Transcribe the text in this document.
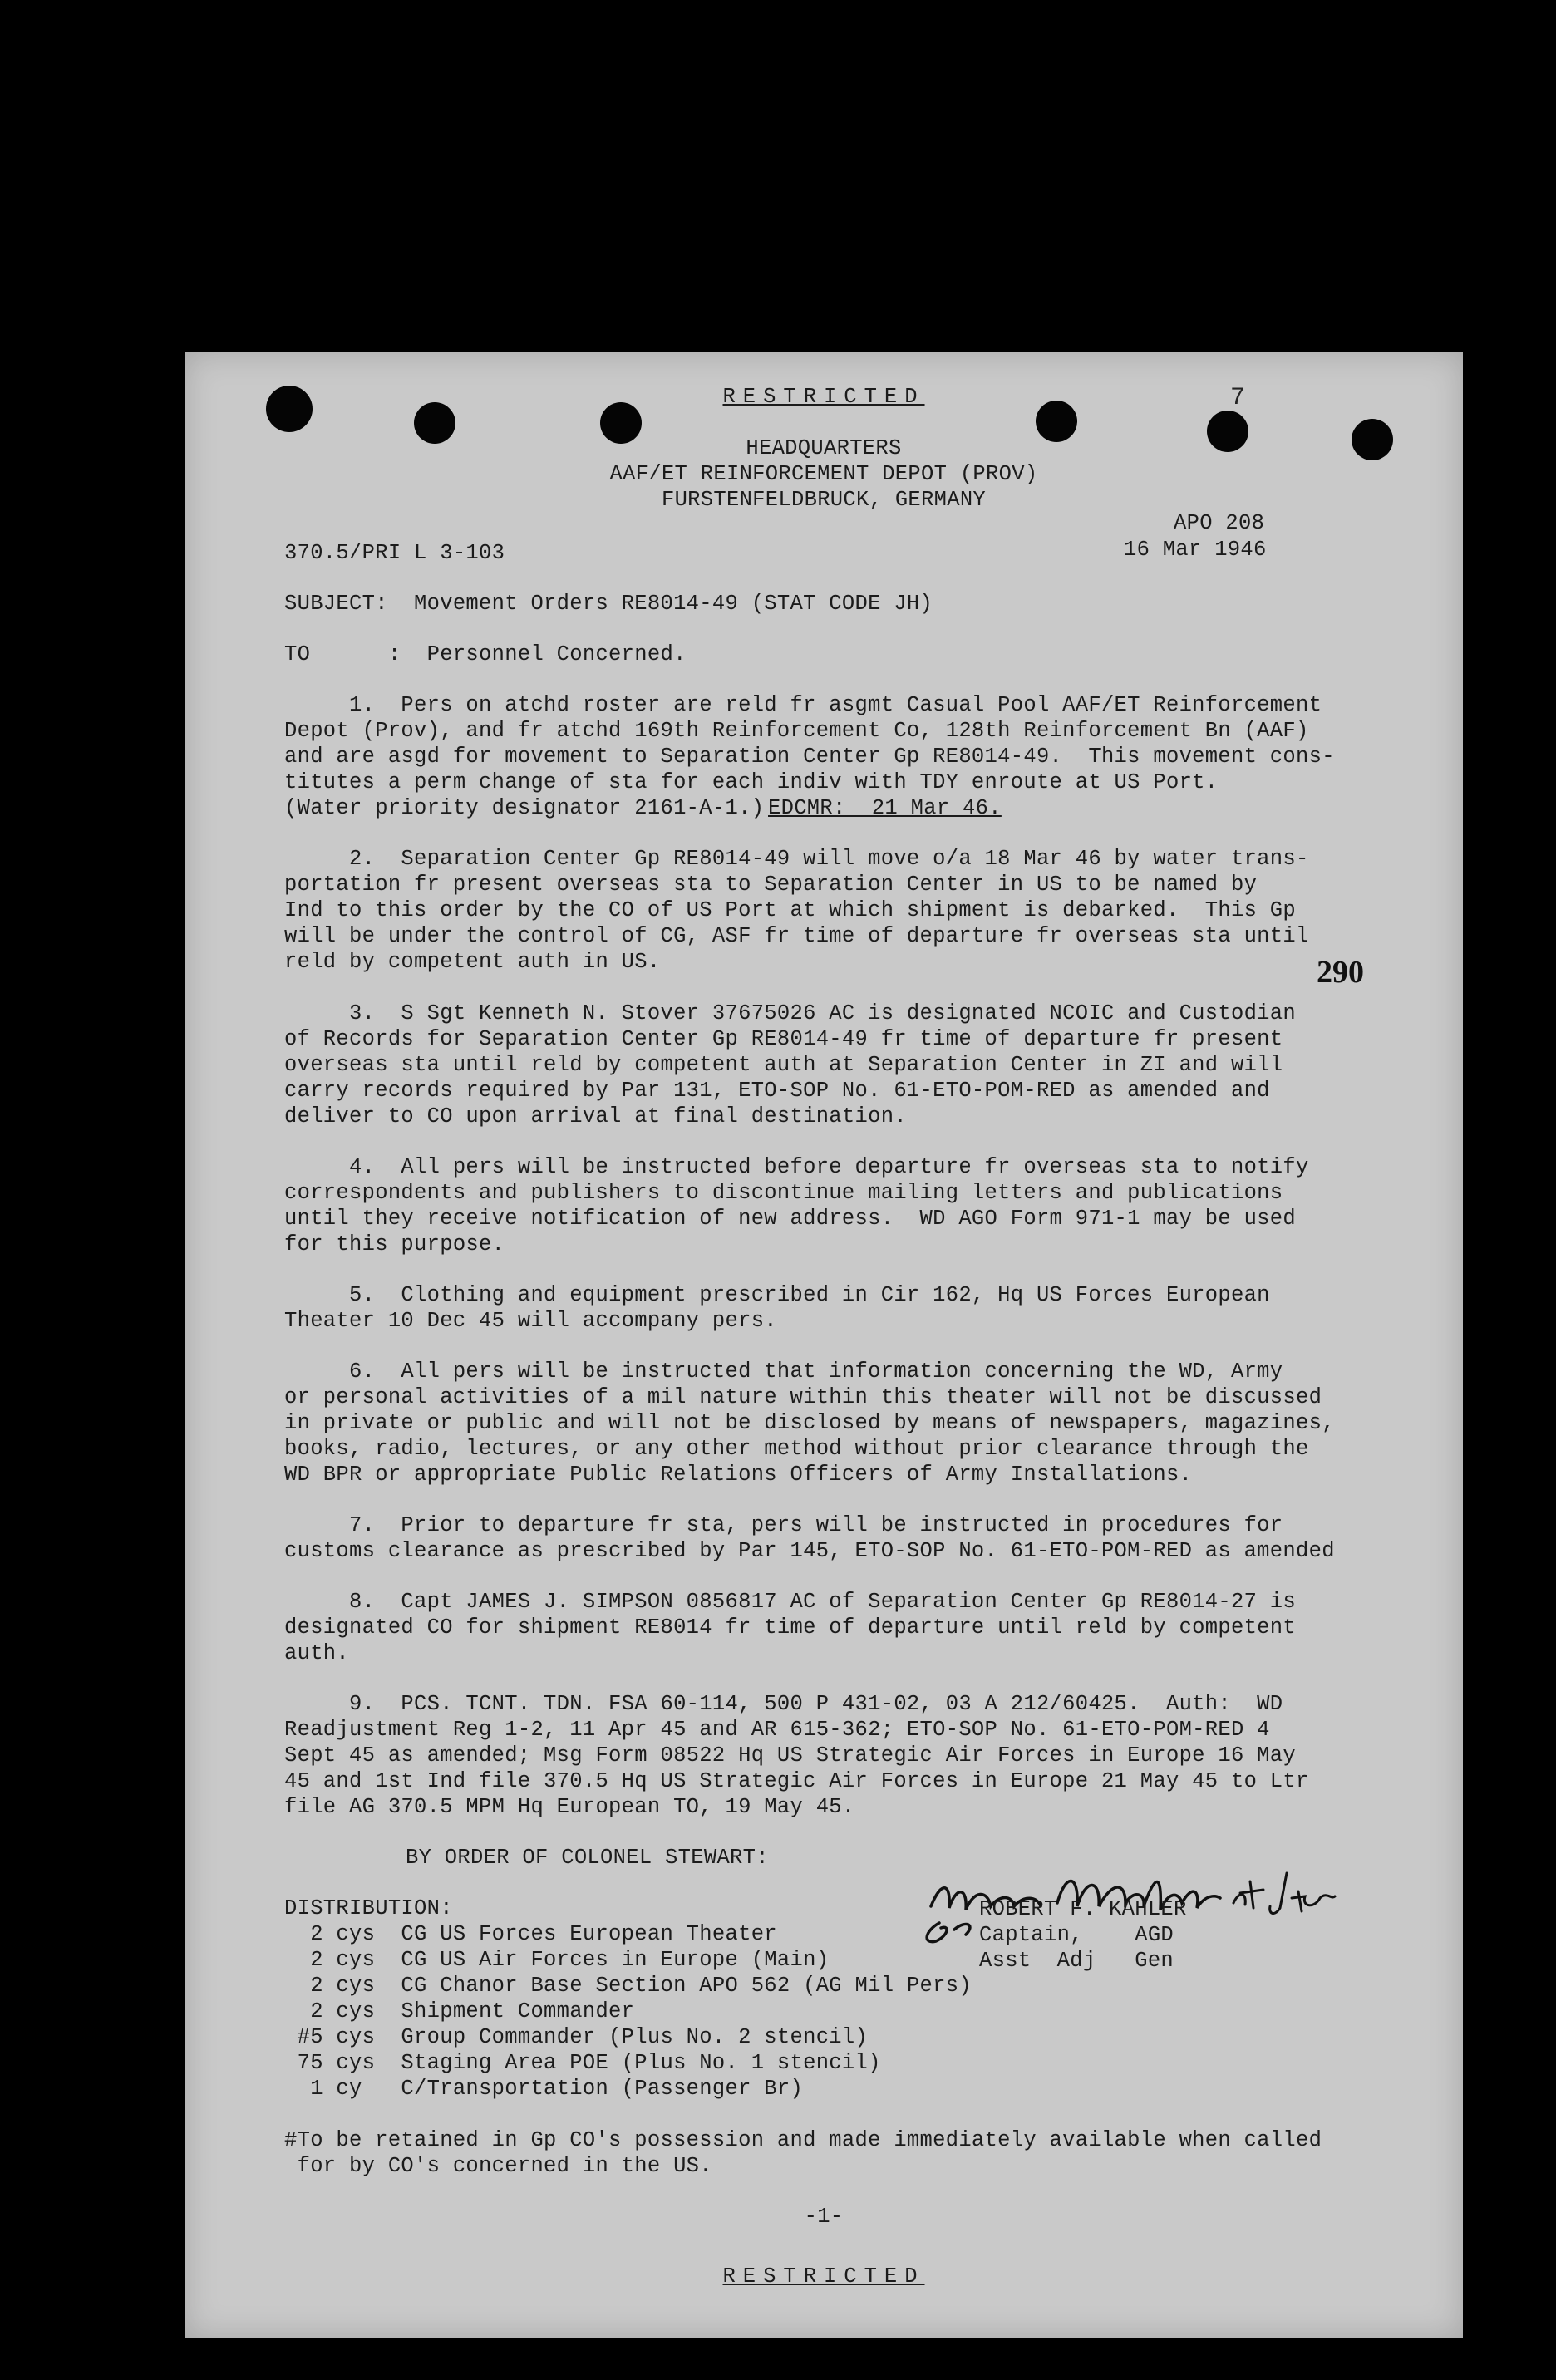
RESTRICTED	7
HEADQUARTERS
AAF/ET REINFORCEMENT DEPOT (PROV)
FURSTENFELDBRUCK, GERMANY
APO 208
370.5/PRI L 3-103	16 Mar 1946
SUBJECT:  Movement Orders RE8014-49 (STAT CODE JH)
TO      :  Personnel Concerned.
1.  Pers on atchd roster are reld fr asgmt Casual Pool AAF/ET Reinforcement
Depot (Prov), and fr atchd 169th Reinforcement Co, 128th Reinforcement Bn (AAF)
and are asgd for movement to Separation Center Gp RE8014-49.  This movement cons-
titutes a perm change of sta for each indiv with TDY enroute at US Port.
(Water priority designator 2161-A-1.)
EDCMR:  21 Mar 46.
2.  Separation Center Gp RE8014-49 will move o/a 18 Mar 46 by water trans-
portation fr present overseas sta to Separation Center in US to be named by
Ind to this order by the CO of US Port at which shipment is debarked.  This Gp
will be under the control of CG, ASF fr time of departure fr overseas sta until
reld by competent auth in US.	290
3.  S Sgt Kenneth N. Stover 37675026 AC is designated NCOIC and Custodian
of Records for Separation Center Gp RE8014-49 fr time of departure fr present
overseas sta until reld by competent auth at Separation Center in ZI and will
carry records required by Par 131, ETO-SOP No. 61-ETO-POM-RED as amended and
deliver to CO upon arrival at final destination.
4.  All pers will be instructed before departure fr overseas sta to notify
correspondents and publishers to discontinue mailing letters and publications
until they receive notification of new address.  WD AGO Form 971-1 may be used
for this purpose.
5.  Clothing and equipment prescribed in Cir 162, Hq US Forces European
Theater 10 Dec 45 will accompany pers.
6.  All pers will be instructed that information concerning the WD, Army
or personal activities of a mil nature within this theater will not be discussed
in private or public and will not be disclosed by means of newspapers, magazines,
books, radio, lectures, or any other method without prior clearance through the
WD BPR or appropriate Public Relations Officers of Army Installations.
7.  Prior to departure fr sta, pers will be instructed in procedures for
customs clearance as prescribed by Par 145, ETO-SOP No. 61-ETO-POM-RED as amended
8.  Capt JAMES J. SIMPSON 0856817 AC of Separation Center Gp RE8014-27 is
designated CO for shipment RE8014 fr time of departure until reld by competent
auth.
9.  PCS. TCNT. TDN. FSA 60-114, 500 P 431-02, 03 A 212/60425.  Auth:  WD
Readjustment Reg 1-2, 11 Apr 45 and AR 615-362; ETO-SOP No. 61-ETO-POM-RED 4
Sept 45 as amended; Msg Form 08522 Hq US Strategic Air Forces in Europe 16 May
45 and 1st Ind file 370.5 Hq US Strategic Air Forces in Europe 21 May 45 to Ltr
file AG 370.5 MPM Hq European TO, 19 May 45.
BY ORDER OF COLONEL STEWART:
ROBERT F. KAHLER
Captain,    AGD
Asst  Adj   Gen
DISTRIBUTION:
2 cys  CG US Forces European Theater
2 cys  CG US Air Forces in Europe (Main)
2 cys  CG Chanor Base Section APO 562 (AG Mil Pers)
2 cys  Shipment Commander
#5 cys  Group Commander (Plus No. 2 stencil)
75 cys  Staging Area POE (Plus No. 1 stencil)
1 cy   C/Transportation (Passenger Br)
#To be retained in Gp CO's possession and made immediately available when called
for by CO's concerned in the US.
-1-
RESTRICTED
